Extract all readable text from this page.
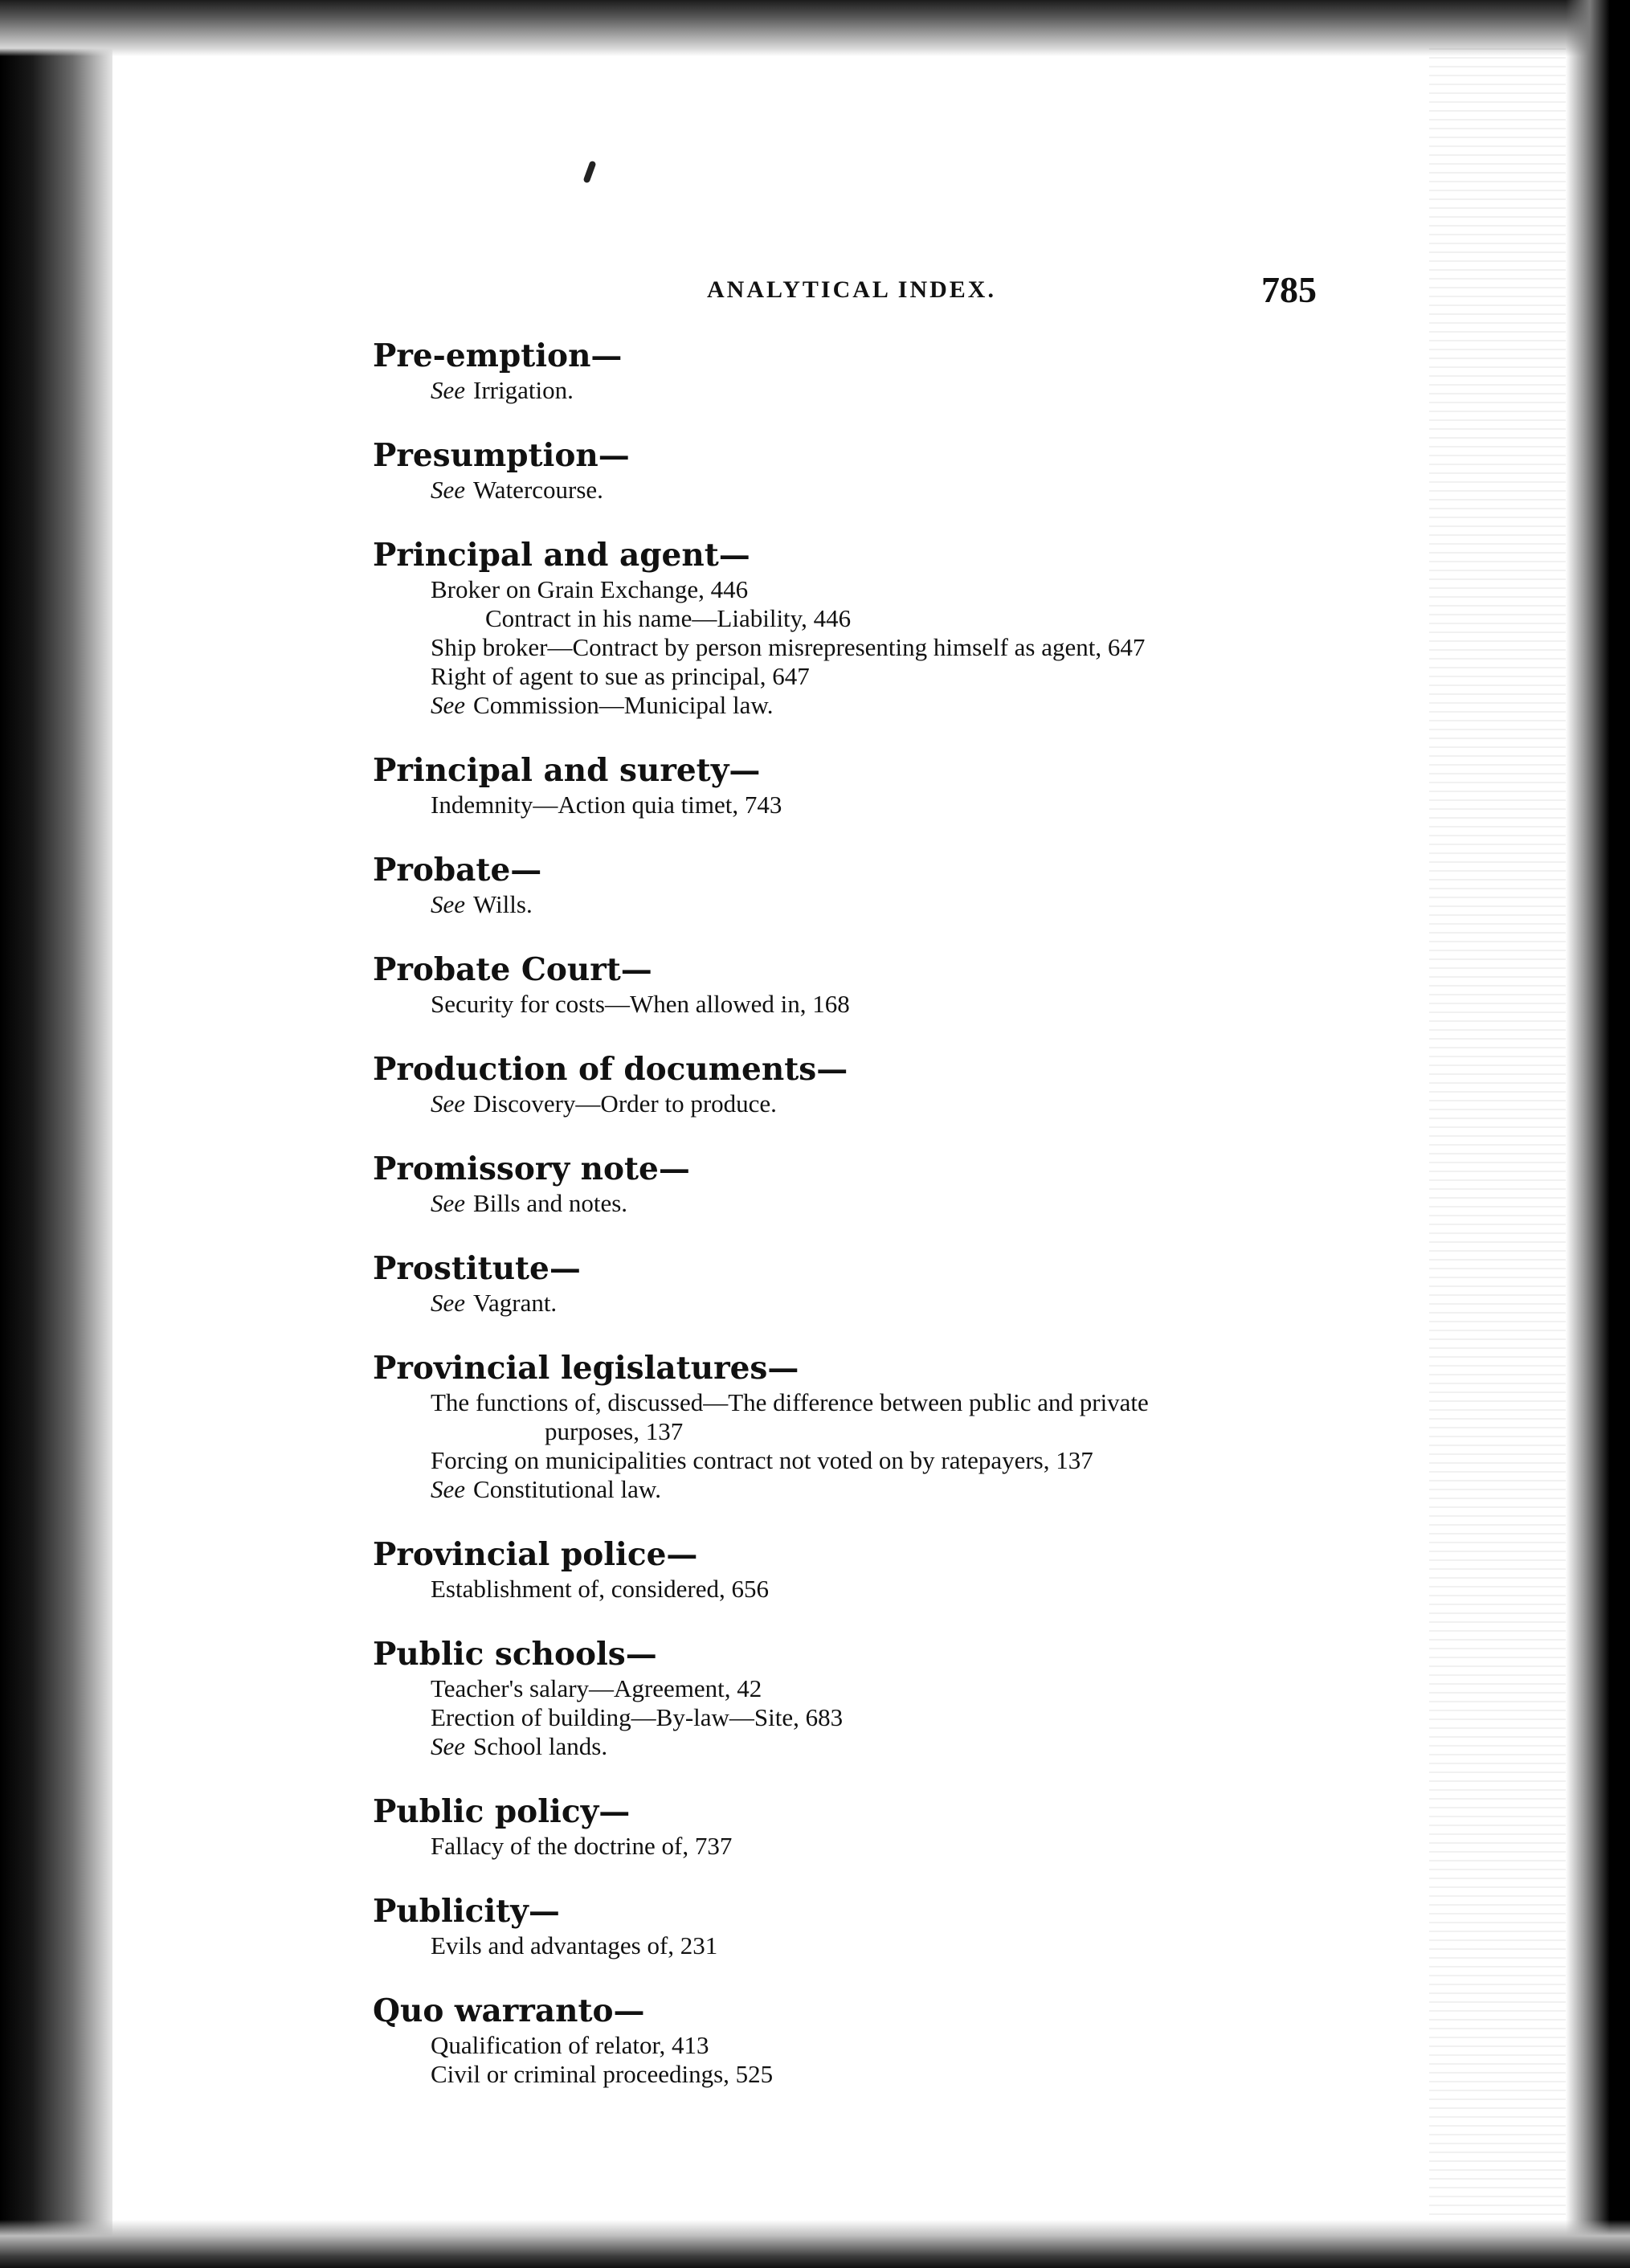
ANALYTICAL INDEX.	785
Pre-emption—
See Irrigation.
Presumption—
See Watercourse.
Principal and agent—
Broker on Grain Exchange, 446
Contract in his name—Liability, 446
Ship broker—Contract by person misrepresenting himself as agent, 647
Right of agent to sue as principal, 647
See Commission—Municipal law.
Principal and surety—
Indemnity—Action quia timet, 743
Probate—
See Wills.
Probate Court—
Security for costs—When allowed in, 168
Production of documents—
See Discovery—Order to produce.
Promissory note—
See Bills and notes.
Prostitute—
See Vagrant.
Provincial legislatures—
The functions of, discussed—The difference between public and private
purposes, 137
Forcing on municipalities contract not voted on by ratepayers, 137
See Constitutional law.
Provincial police—
Establishment of, considered, 656
Public schools—
Teacher's salary—Agreement, 42
Erection of building—By-law—Site, 683
See School lands.
Public policy—
Fallacy of the doctrine of, 737
Publicity—
Evils and advantages of, 231
Quo warranto—
Qualification of relator, 413
Civil or criminal proceedings, 525
